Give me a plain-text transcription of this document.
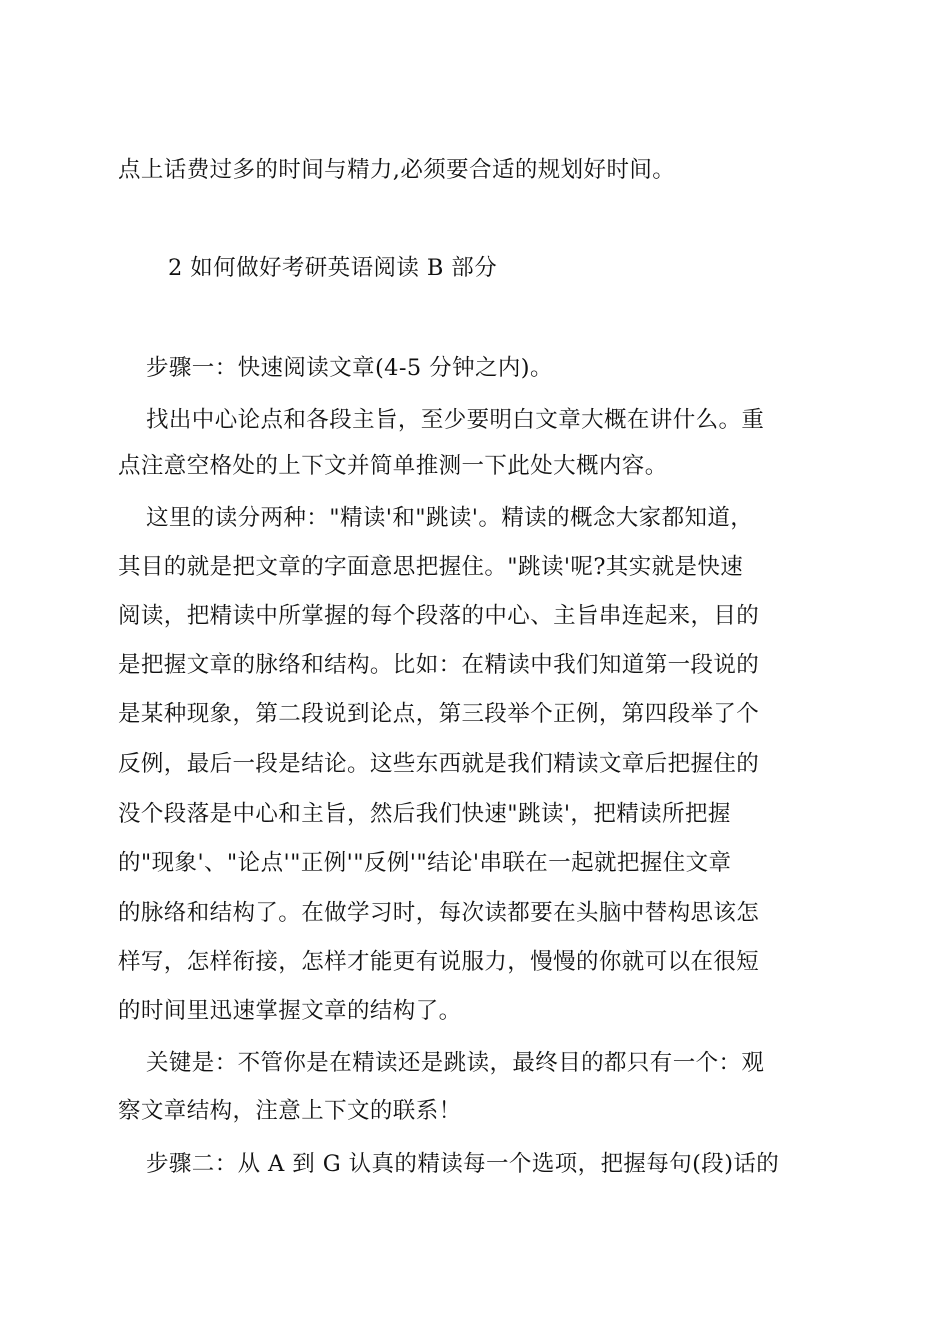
点上话费过多的时间与精力,必须要合适的规划好时间。
2 如何做好考研英语阅读 B 部分
步骤一：快速阅读文章(4-5 分钟之内)。
找出中心论点和各段主旨，至少要明白文章大概在讲什么。重
点注意空格处的上下文并简单推测一下此处大概内容。
这里的读分两种："精读'和"跳读'。精读的概念大家都知道，
其目的就是把文章的字面意思把握住。"跳读'呢?其实就是快速
阅读，把精读中所掌握的每个段落的中心、主旨串连起来，目的
是把握文章的脉络和结构。比如：在精读中我们知道第一段说的
是某种现象，第二段说到论点，第三段举个正例，第四段举了个
反例，最后一段是结论。这些东西就是我们精读文章后把握住的
没个段落是中心和主旨，然后我们快速"跳读'，把精读所把握
的"现象'、"论点'"正例'"反例'"结论'串联在一起就把握住文章
的脉络和结构了。在做学习时，每次读都要在头脑中替构思该怎
样写，怎样衔接，怎样才能更有说服力，慢慢的你就可以在很短
的时间里迅速掌握文章的结构了。
关键是：不管你是在精读还是跳读，最终目的都只有一个：观
察文章结构，注意上下文的联系！
步骤二：从 A 到 G 认真的精读每一个选项，把握每句(段)话的
